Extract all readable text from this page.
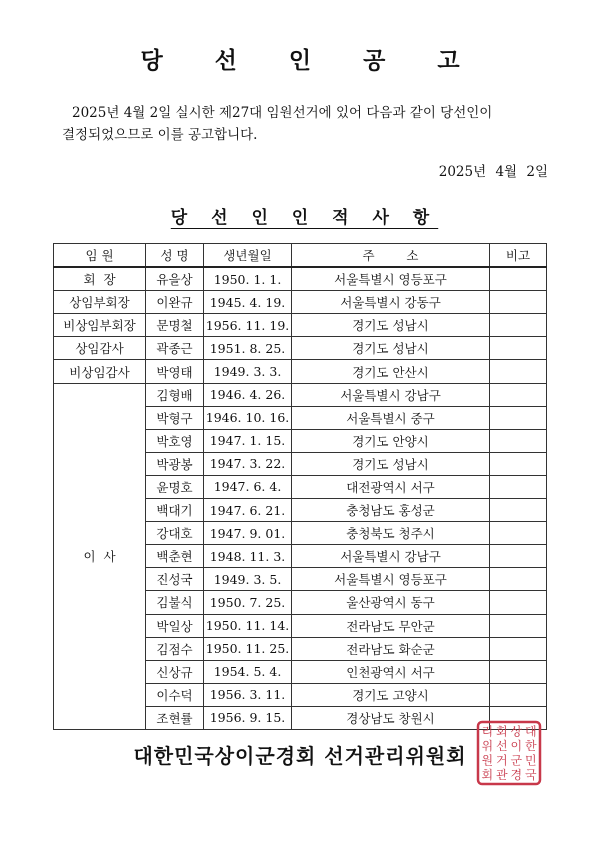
당 선 인 공 고
2025년 4월 2일 실시한 제27대 임원선거에 있어 다음과 같이 당선인이 결정되었으므로 이를 공고합니다.
2025년 4월 2일
당 선 인 인 적 사 항
임 원	성 명	생년월일	주        소	비고
회  장	유을상	1950. 1. 1.	서울특별시 영등포구	
상임부회장	이완규	1945. 4. 19.	서울특별시 강동구	
비상임부회장	문명철	1956. 11. 19.	경기도 성남시	
상임감사	곽종근	1951. 8. 25.	경기도 성남시	
비상임감사	박영태	1949. 3. 3.	경기도 안산시	
이  사	김형배	1946. 4. 26.	서울특별시 강남구	
	박형구	1946. 10. 16.	서울특별시 중구	
	박호영	1947. 1. 15.	경기도 안양시	
	박광봉	1947. 3. 22.	경기도 성남시	
	윤명호	1947. 6. 4.	대전광역시 서구	
	백대기	1947. 6. 21.	충청남도 홍성군	
	강대호	1947. 9. 01.	충청북도 청주시	
	백춘현	1948. 11. 3.	서울특별시 강남구	
	진성국	1949. 3. 5.	서울특별시 영등포구	
	김불식	1950. 7. 25.	울산광역시 동구	
	박일상	1950. 11. 14.	전라남도 무안군	
	김점수	1950. 11. 25.	전라남도 화순군	
	신상규	1954. 5. 4.	인천광역시 서구	
	이수덕	1956. 3. 11.	경기도 고양시	
	조현률	1956. 9. 15.	경상남도 창원시	
대한민국상이군경회 선거관리위원회
대
한
민
국
상
이
군
경
회
선
거
관
리
위
원
회
